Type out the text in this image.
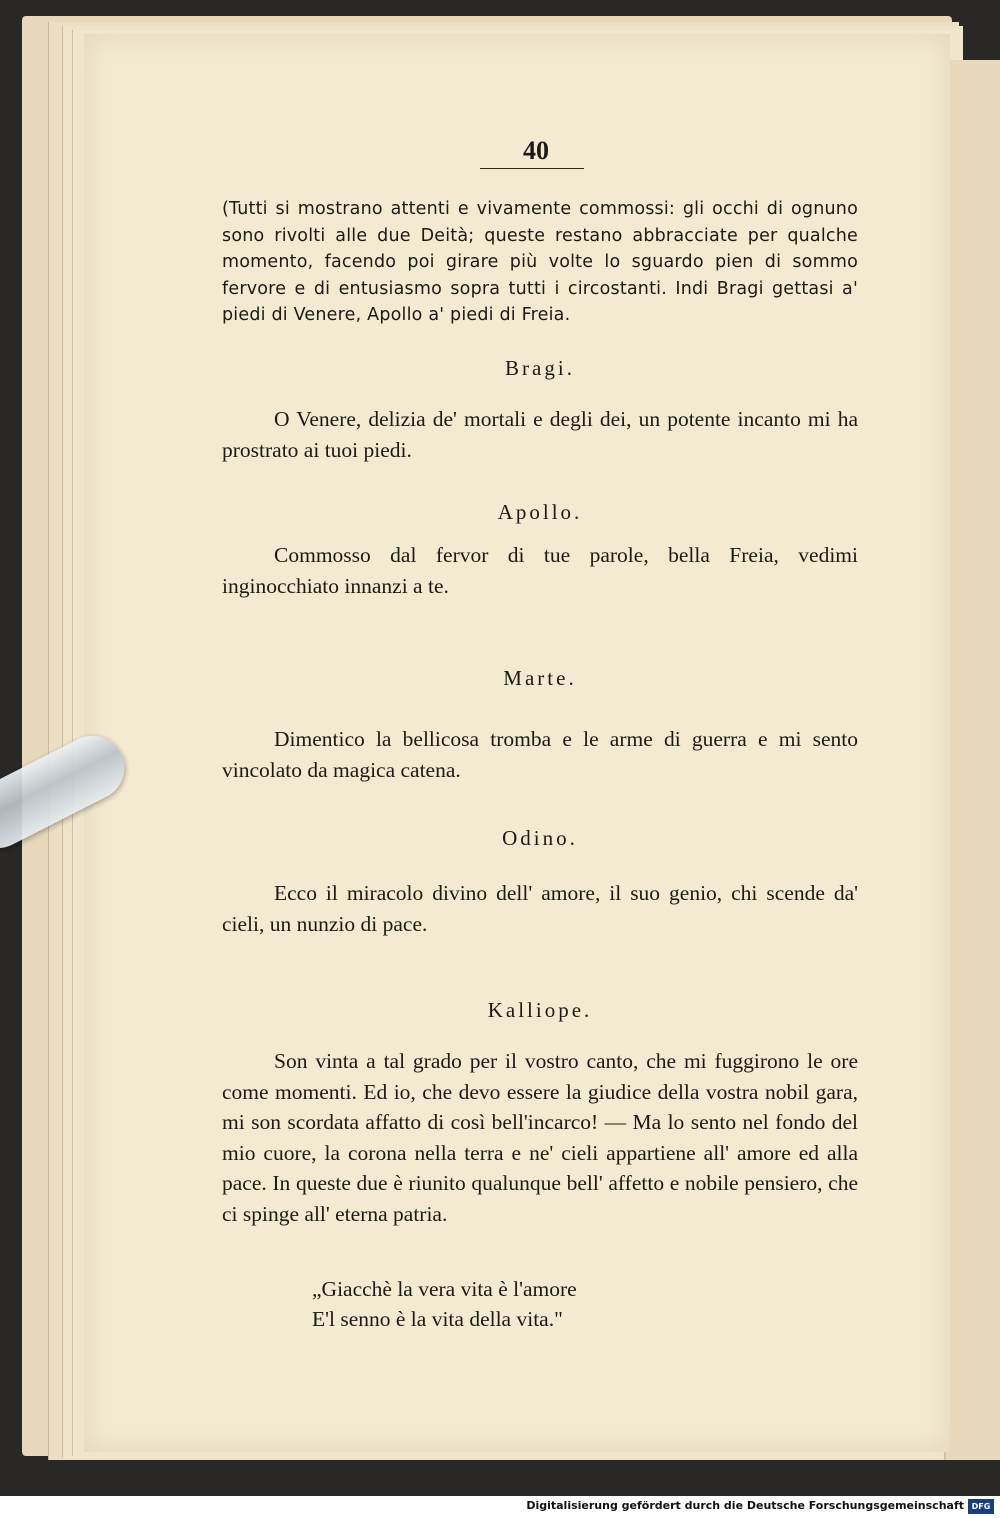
40
(Tutti si mostrano attenti e vivamente commossi: gli occhi di ognuno sono rivolti alle due Deità; queste restano abbracciate per qualche momento, facendo poi girare più volte lo sguardo pien di sommo fervore e di entusiasmo sopra tutti i circostanti. Indi Bragi gettasi a' piedi di Venere, Apollo a' piedi di Freia.
Bragi.
O Venere, delizia de' mortali e degli dei, un potente incanto mi ha prostrato ai tuoi piedi.
Apollo.
Commosso dal fervor di tue parole, bella Freia, vedimi inginocchiato innanzi a te.
Marte.
Dimentico la bellicosa tromba e le arme di guerra e mi sento vincolato da magica catena.
Odino.
Ecco il miracolo divino dell' amore, il suo genio, chi scende da' cieli, un nunzio di pace.
Kalliope.
Son vinta a tal grado per il vostro canto, che mi fuggirono le ore come momenti. Ed io, che devo essere la giudice della vostra nobil gara, mi son scordata affatto di così bell'incarco! — Ma lo sento nel fondo del mio cuore, la corona nella terra e ne' cieli appartiene all' amore ed alla pace. In queste due è riunito qualunque bell' affetto e nobile pensiero, che ci spinge all' eterna patria.
„Giacchè la vera vita è l'amore
E'l senno è la vita della vita."
Digitalisierung gefördert durch die Deutsche Forschungsgemeinschaft DFG
